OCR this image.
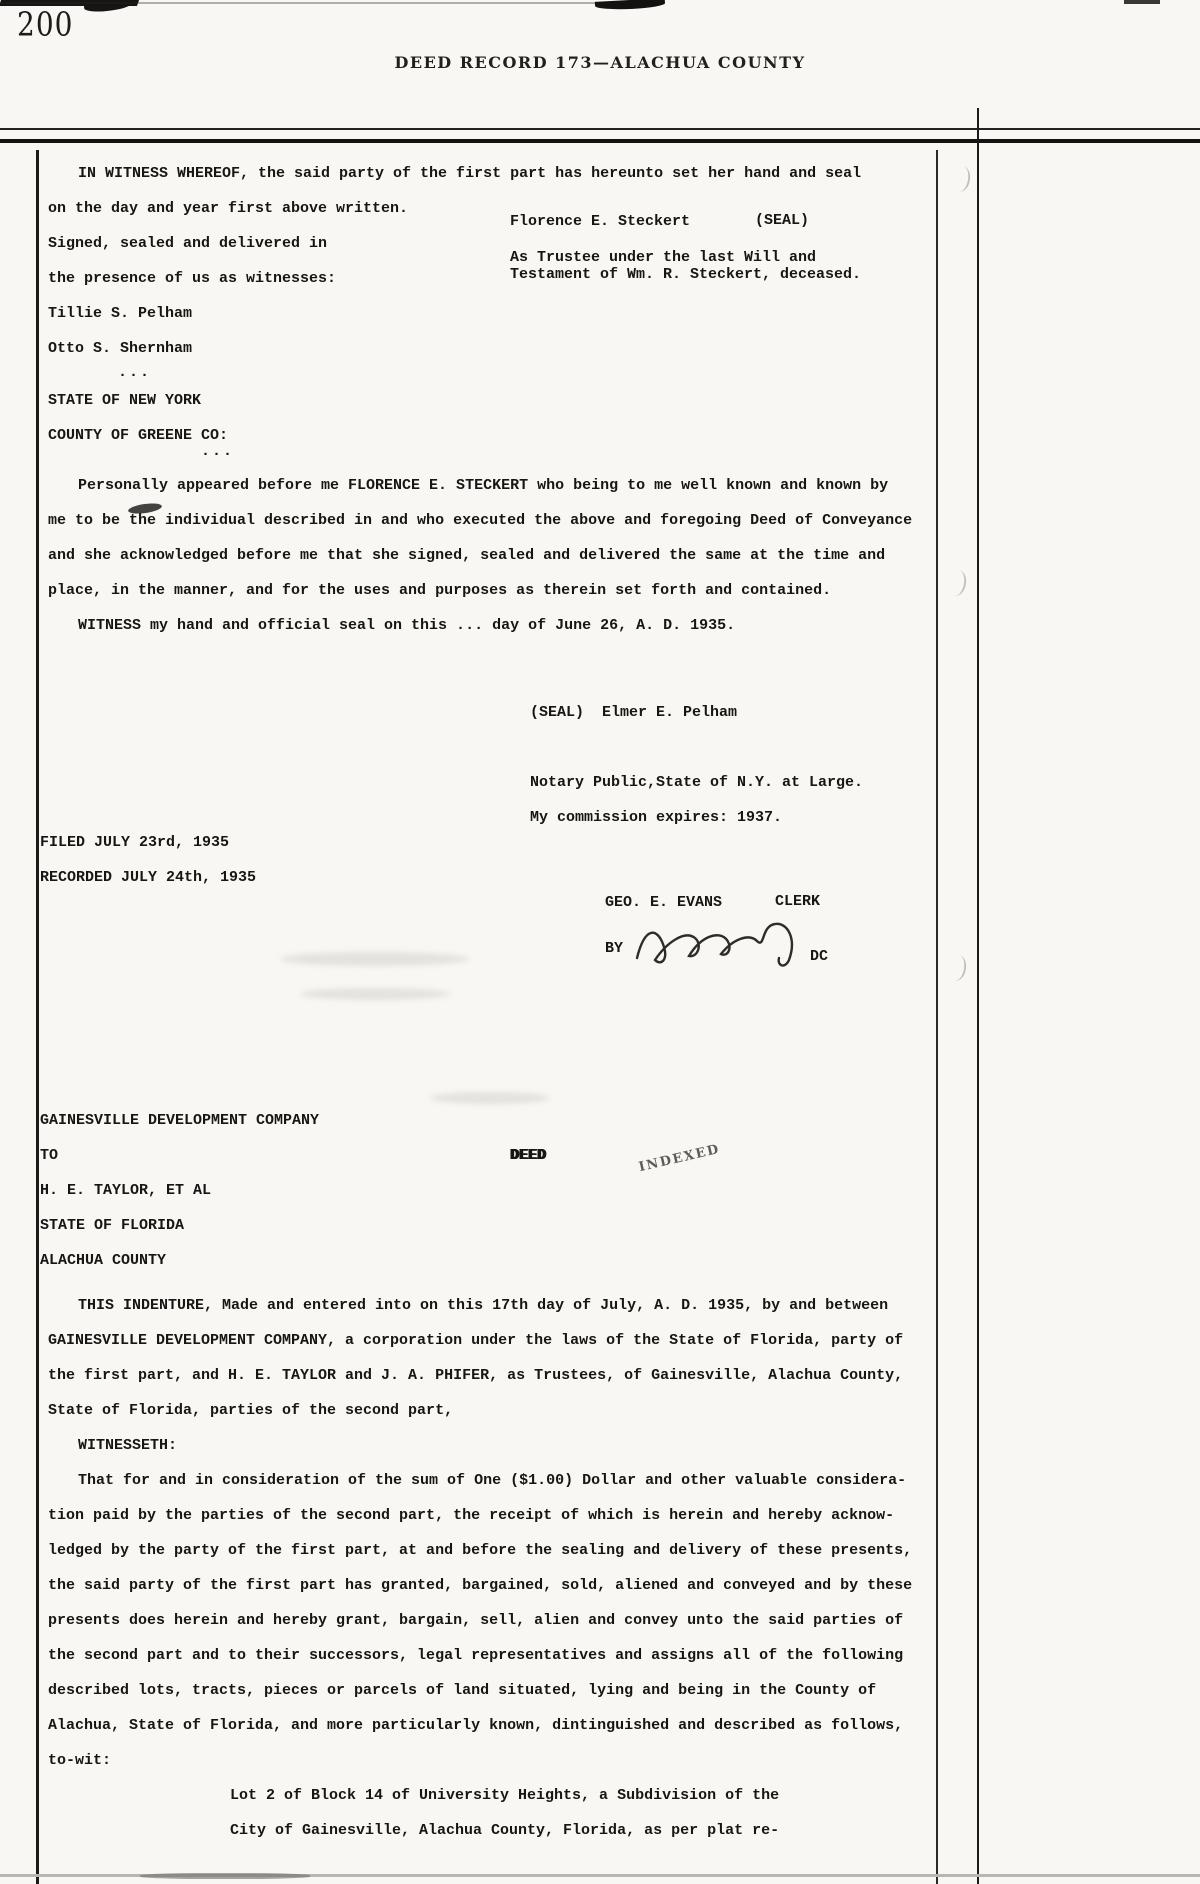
200
DEED RECORD 173—ALACHUA COUNTY
IN WITNESS WHEREOF, the said party of the first part has hereunto set her hand and seal
on the day and year first above written.
Signed, sealed and delivered in
the presence of us as witnesses:
Tillie S. Pelham
Otto S. Shernham
...
Florence E. Steckert	(SEAL)
As Trustee under the last Will and
Testament of Wm. R. Steckert, deceased.
STATE OF NEW YORK
COUNTY OF GREENE CO:
...
Personally appeared before me FLORENCE E. STECKERT who being to me well known and known by
me to be the individual described in and who executed the above and foregoing Deed of Conveyance
and she acknowledged before me that she signed, sealed and delivered the same at the time and
place, in the manner, and for the uses and purposes as therein set forth and contained.
WITNESS my hand and official seal on this ... day of June 26, A. D. 1935.

(SEAL) Elmer E. Pelham

Notary Public,State of N.Y. at Large.
My commission expires: 1937.
FILED JULY 23rd, 1935
RECORDED JULY 24th, 1935
GEO. E. EVANS	CLERK
BY	DC
GAINESVILLE DEVELOPMENT COMPANY
TO
H. E. TAYLOR, ET AL
STATE OF FLORIDA
ALACHUA COUNTY
DEED	INDEXED
THIS INDENTURE, Made and entered into on this 17th day of July, A. D. 1935, by and between
GAINESVILLE DEVELOPMENT COMPANY, a corporation under the laws of the State of Florida, party of
the first part, and H. E. TAYLOR and J. A. PHIFER, as Trustees, of Gainesville, Alachua County,
State of Florida, parties of the second part,
WITNESSETH:
That for and in consideration of the sum of One ($1.00) Dollar and other valuable considera-
tion paid by the parties of the second part, the receipt of which is herein and hereby acknow-
ledged by the party of the first part, at and before the sealing and delivery of these presents,
the said party of the first part has granted, bargained, sold, aliened and conveyed and by these
presents does herein and hereby grant, bargain, sell, alien and convey unto the said parties of
the second part and to their successors, legal representatives and assigns all of the following
described lots, tracts, pieces or parcels of land situated, lying and being in the County of
Alachua, State of Florida, and more particularly known, dintinguished and described as follows,
to-wit:
Lot 2 of Block 14 of University Heights, a Subdivision of the
City of Gainesville, Alachua County, Florida, as per plat re-
